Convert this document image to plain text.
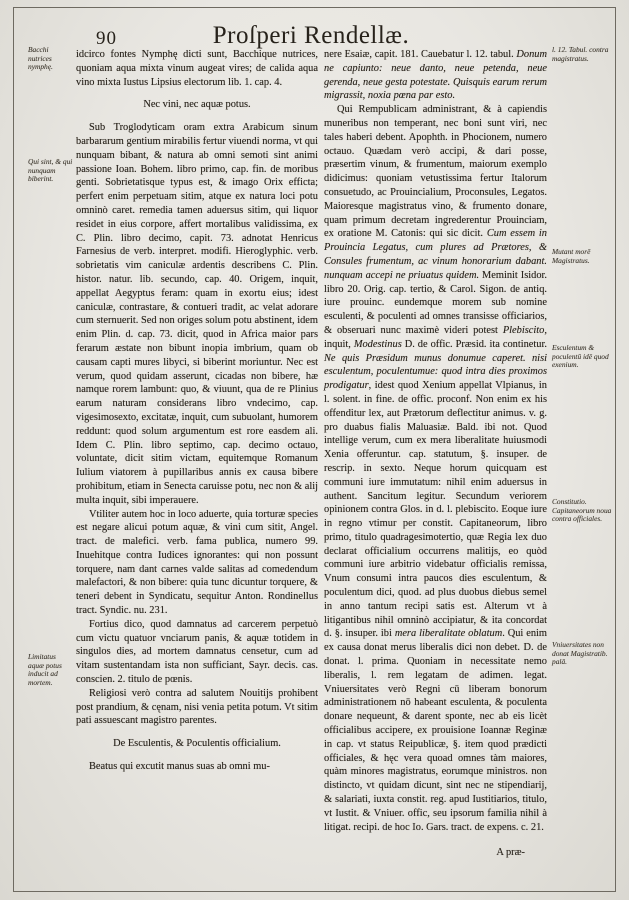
90	Proſperi Rendellæ.
idcirco fontes Nymphę dicti sunt, Bacchique nutrices, quoniam aqua mixta vinum augeat vires; de calida aqua vino mixta Iustus Lipsius electorum lib. 1. cap. 4.
Nec vini, nec aquæ potus.
Sub Troglodyticam oram extra Arabicum sinum barbararum gentium mirabilis fertur viuendi norma, vt qui nunquam bibant, & natura ab omni semoti sint animi passione Ioan. Bohem. libro primo, cap. fin. de moribus genti. Sobrietatisque typus est, & imago Orix efficta; perfert enim perpetuam sitim, atque ex natura loci potu omninò caret. remedia tamen aduersus sitim, qui liquor residet in eius corpore, affert mortalibus validissima, ex C. Plin. libro decimo, capit. 73. adnotat Henricus Farnesius de verb. interpret. modifi. Hieroglyphic. verb. sobrietatis vim caniculæ ardentis describens C. Plin. histor. natur. lib. secundo, cap. 40. Origem, inquit, appellat Aegyptus feram: quam in exortu eius; idest caniculæ, contrastare, & contueri tradit, ac velat adorare cum sternuerit. Sed non origes solum potu abstinent, idem enim Plin. d. cap. 73. dicit, quod in Africa maior pars ferarum æstate non bibunt inopia imbrium, quam ob causam capti mures libyci, si biberint moriuntur. Nec est verum, quod quidam asserunt, cicadas non bibere, hæ namque rorem lambunt: quo, & viuunt, qua de re Plinius earum naturam considerans libro vndecimo, cap. vigesimosexto, excitatæ, inquit, cum subuolant, humorem reddunt: quod solum argumentum est rore easdem ali. Idem C. Plin. libro septimo, cap. decimo octauo, voluntate, dicit sitim victam, equitemque Romanum Iulium viatorem à pupillaribus annis ex causa bibere prohibitum, etiam in Senecta caruisse potu, nec non & alij multa inquit, sibi imperauere.
Vtiliter autem hoc in loco aduerte, quia torturæ species est negare alicui potum aquæ, & vini cum sitit, Angel. tract. de malefici. verb. fama publica, numero 99. Inuehitque contra Iudices ignorantes: qui non possunt torquere, nam dant carnes valde salitas ad comedendum malefactori, & non bibere: quia tunc dicuntur torquere, & teneri debent in Syndicatu, sequitur Anton. Rondinellus tract. Syndic. nu. 231.
Fortius dico, quod damnatus ad carcerem perpetuò cum victu quatuor vnciarum panis, & aquæ totidem in singulos dies, ad mortem damnatus censetur, cum ad vitam sustentandam ista non sufficiant, Sayr. decis. cas. conscien. 2. titulo de pœnis.
Religiosi verò contra ad salutem Nouitijs prohibent post prandium, & cęnam, nisi venia petita potum. Vt sitim pati assuescant magistro parentes.
De Esculentis, & Poculentis officialium.
Beatus qui excutit manus suas ab omni mu-
nere Esaiæ, capit. 181. Cauebatur l. 12. tabul. Donum ne capiunto: neue danto, neue petenda, neue gerenda, neue gesta potestate. Quisquis earum rerum migrassit, noxia pœna par esto.
Qui Rempublicam administrant, & à capiendis muneribus non temperant, nec boni sunt viri, nec tales haberi debent. Apophth. in Phocionem, numero octauo. Quædam verò accipi, & dari posse, præsertim vinum, & frumentum, maiorum exemplo didicimus: quoniam vetustissima fertur Italorum consuetudo, ac Prouincialium, Proconsules, Legatos. Maioresque magistratus vino, & frumento donare, quam primum decretam ingrederentur Prouinciam, ex oratione M. Catonis: qui sic dicit. Cum essem in Prouincia Legatus, cum plures ad Prætores, & Consules frumentum, ac vinum honorarium dabant. nunquam accepi ne priuatus quidem. Meminit Isidor. libro 20. Orig. cap. tertio, & Carol. Sigon. de antiq. iure prouinc. eundemque morem sub nomine esculenti, & poculenti ad omnes transisse officiarios, & obseruari nunc maximè videri potest Plebiscito, inquit, Modestinus D. de offic. Præsid. ita continetur. Ne quis Præsidum munus donumue caperet. nisi esculentum, poculentumue: quod intra dies proximos prodigatur, idest quod Xenium appellat Vlpianus, in l. solent. in fine. de offic. proconf. Non enim ex his offenditur lex, aut Prætorum deflectitur animus. v. g. pro duabus fialis Maluasiæ. Bald. ibi not. Quod intellige verum, cum ex mera liberalitate huiusmodi Xenia offeruntur. cap. statutum, §. insuper. de rescrip. in sexto. Neque horum quicquam est communi iure immutatum: nihil enim aduersus in authent. Sancitum legitur. Secundum veriorem opinionem contra Glos. in d. l. plebiscito. Eoque iure in regno vtimur per constit. Capitaneorum, libro primo, titulo quadragesimotertio, quæ Regia lex duo declarat officialium occurrens malitijs, eo quòd communi iure arbitrio videbatur officialis remissa, Vnum consumi intra paucos dies esculentum, & poculentum dici, quod. ad plus duobus diebus semel in anno tantum recipi satis est. Alterum vt à litigantibus nihil omninò accipiatur, & ita concordat d. §. insuper. ibi mera liberalitate oblatum. Qui enim ex causa donat merus liberalis dici non debet. D. de donat. l. prima. Quoniam in necessitate nemo liberalis, l. rem legatam de adimen. legat. Vniuersitates verò Regni cū liberam bonorum administrationem nō habeant esculenta, & poculenta donare nequeunt, & darent sponte, nec ab eis licèt officialibus accipere, ex prouisione Ioannæ Reginæ in cap. vt status Reipublicæ, §. item quod prædicti officiales, & hęc vera quoad omnes tàm maiores, quàm minores magistratus, eorumque ministros. non distincto, vt quidam dicunt, sint nec ne stipendiarij, & salariati, iuxta constit. reg. apud Iustitiarios, titulo, vt Iustit. & Vniuer. offic, seu ipsorum familia nihil à litigat. recipi. de hoc Io. Gars. tract. de expens. c. 21.
A præ-
Bacchi nutrices nymphę.
Qui sint, & qui nunquam biberint.
Limitatus aquæ potus inducit ad mortem.
l. 12. Tabul. contra magistratus.
Mutant morē Magistratus.
Esculentum & poculentū idē quod exenium.
Constitutio. Capitaneorum noua contra officiales.
Vniuersitates non donat Magistratib. palā.
